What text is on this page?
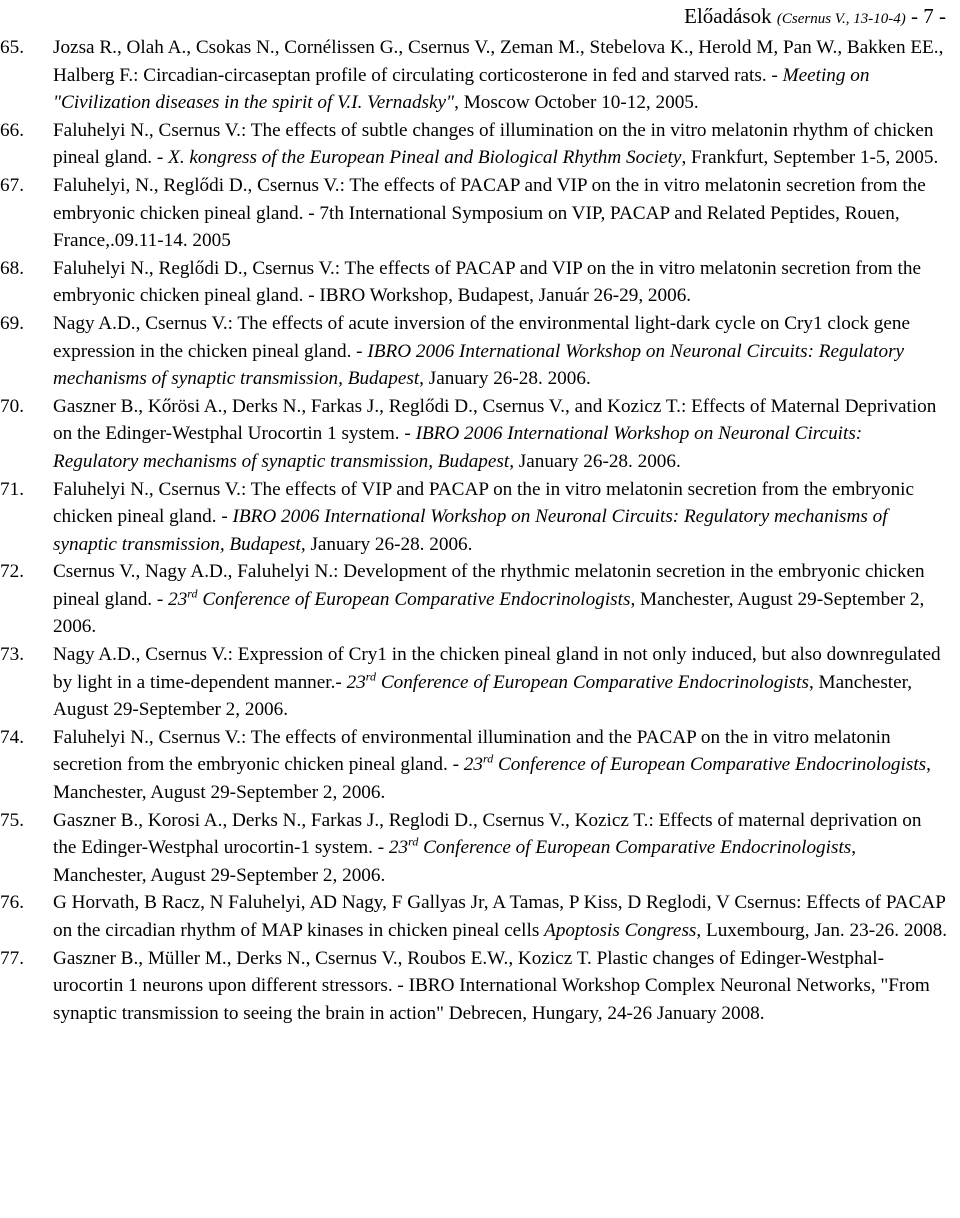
Előadások (Csernus V., 13-10-4) - 7 -

65. Jozsa R., Olah A., Csokas N., Cornélissen G., Csernus V., Zeman M., Stebelova K., Herold M, Pan W., Bakken EE., Halberg F.: Circadian-circaseptan profile of circulating corticosterone in fed and starved rats. - Meeting on "Civilization diseases in the spirit of V.I. Vernadsky", Moscow October 10-12, 2005.

66. Faluhelyi N., Csernus V.: The effects of subtle changes of illumination on the in vitro melatonin rhythm of chicken pineal gland. - X. kongress of the European Pineal and Biological Rhythm Society, Frankfurt, September 1-5, 2005.

67. Faluhelyi, N., Reglődi D., Csernus V.: The effects of PACAP and VIP on the in vitro melatonin secretion from the embryonic chicken pineal gland. - 7th International Symposium on VIP, PACAP and Related Peptides, Rouen, France,.09.11-14. 2005

68. Faluhelyi N., Reglődi D., Csernus V.: The effects of PACAP and VIP on the in vitro melatonin secretion from the embryonic chicken pineal gland. - IBRO Workshop, Budapest, Január 26-29, 2006.

69. Nagy A.D., Csernus V.: The effects of acute inversion of the environmental light-dark cycle on Cry1 clock gene expression in the chicken pineal gland. - IBRO 2006 International Workshop on Neuronal Circuits: Regulatory mechanisms of synaptic transmission, Budapest, January 26-28. 2006.

70. Gaszner B., Kőrösi A., Derks N., Farkas J., Reglődi D., Csernus V., and Kozicz T.: Effects of Maternal Deprivation on the Edinger-Westphal Urocortin 1 system. - IBRO 2006 International Workshop on Neuronal Circuits: Regulatory mechanisms of synaptic transmission, Budapest, January 26-28. 2006.

71. Faluhelyi N., Csernus V.: The effects of VIP and PACAP on the in vitro melatonin secretion from the embryonic chicken pineal gland. - IBRO 2006 International Workshop on Neuronal Circuits: Regulatory mechanisms of synaptic transmission, Budapest, January 26-28. 2006.

72. Csernus V., Nagy A.D., Faluhelyi N.: Development of the rhythmic melatonin secretion in the embryonic chicken pineal gland. - 23rd Conference of European Comparative Endocrinologists, Manchester, August 29-September 2, 2006.

73. Nagy A.D., Csernus V.: Expression of Cry1 in the chicken pineal gland in not only induced, but also downregulated by light in a time-dependent manner.- 23rd Conference of European Comparative Endocrinologists, Manchester, August 29-September 2, 2006.

74. Faluhelyi N., Csernus V.: The effects of environmental illumination and the PACAP on the in vitro melatonin secretion from the embryonic chicken pineal gland. - 23rd Conference of European Comparative Endocrinologists, Manchester, August 29-September 2, 2006.

75. Gaszner B., Korosi A., Derks N., Farkas J., Reglodi D., Csernus V., Kozicz T.: Effects of maternal deprivation on the Edinger-Westphal urocortin-1 system. - 23rd Conference of European Comparative Endocrinologists, Manchester, August 29-September 2, 2006.

76. G Horvath, B Racz, N Faluhelyi, AD Nagy, F Gallyas Jr, A Tamas, P Kiss, D Reglodi, V Csernus: Effects of PACAP on the circadian rhythm of MAP kinases in chicken pineal cells Apoptosis Congress, Luxembourg, Jan. 23-26. 2008.

77. Gaszner B., Müller M., Derks N., Csernus V., Roubos E.W., Kozicz T. Plastic changes of Edinger-Westphal-urocortin 1 neurons upon different stressors. - IBRO International Workshop Complex Neuronal Networks, "From synaptic transmission to seeing the brain in action" Debrecen, Hungary, 24-26 January 2008.
